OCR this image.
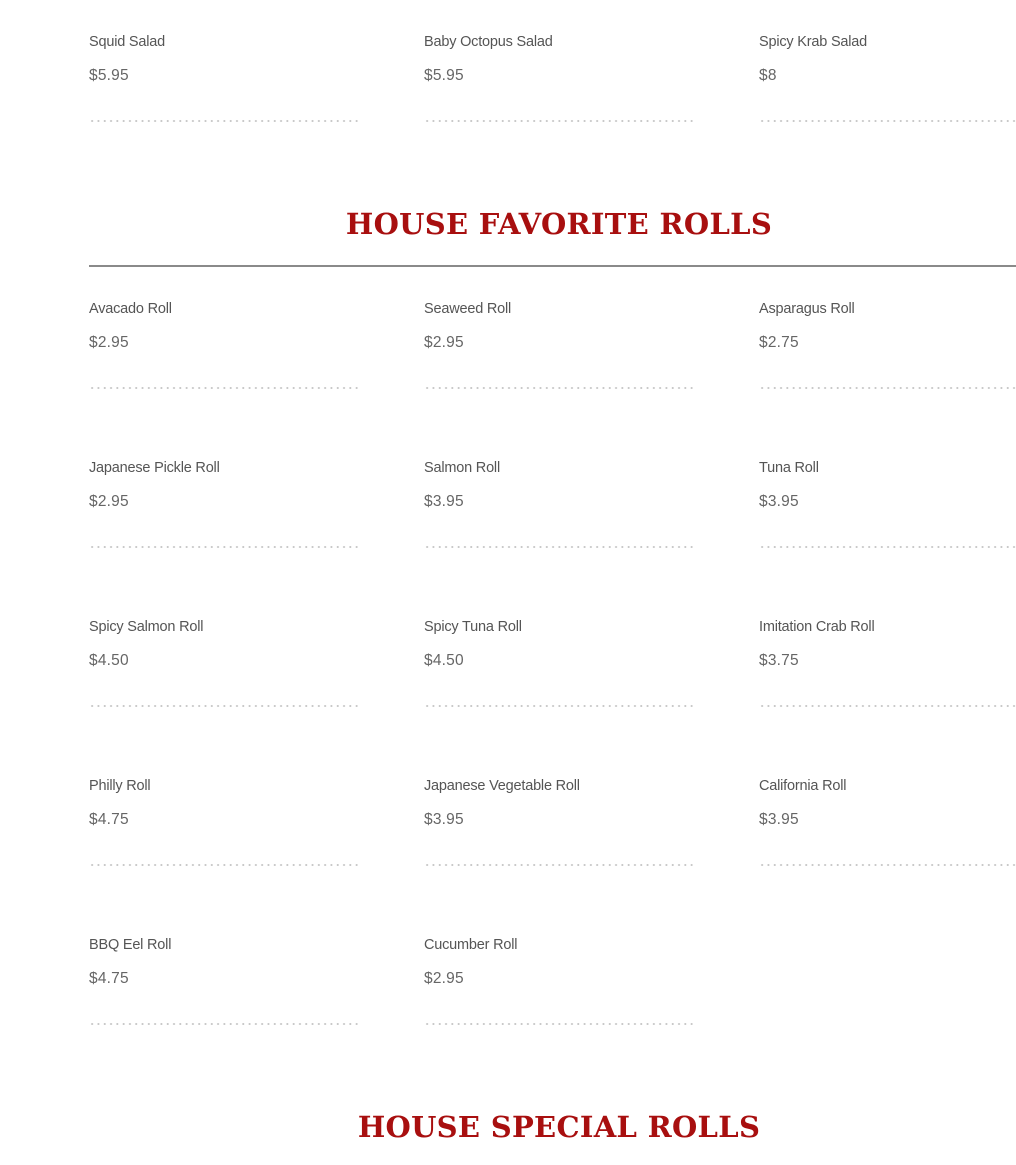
Squid Salad
$5.95
Baby Octopus Salad
$5.95
Spicy Krab Salad
$8
HOUSE FAVORITE ROLLS
Avacado Roll
$2.95
Seaweed Roll
$2.95
Asparagus Roll
$2.75
Japanese Pickle Roll
$2.95
Salmon Roll
$3.95
Tuna Roll
$3.95
Spicy Salmon Roll
$4.50
Spicy Tuna Roll
$4.50
Imitation Crab Roll
$3.75
Philly Roll
$4.75
Japanese Vegetable Roll
$3.95
California Roll
$3.95
BBQ Eel Roll
$4.75
Cucumber Roll
$2.95
HOUSE SPECIAL ROLLS
